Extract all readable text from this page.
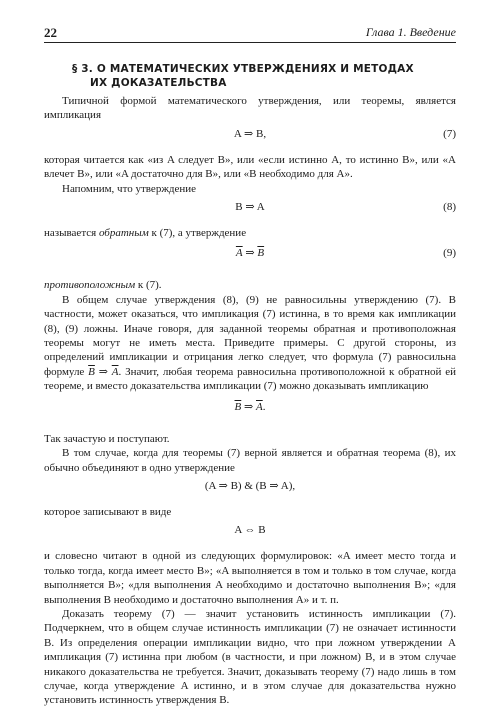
22	Глава 1. Введение
§ 3. О МАТЕМАТИЧЕСКИХ УТВЕРЖДЕНИЯХ И МЕТОДАХ
ИХ ДОКАЗАТЕЛЬСТВА

Типичной формой математического утверждения, или теоремы, является импликация

A ⇒ B,	(7)

которая читается как «из A следует B», или «если истинно A, то истинно B», или «A влечет B», или «A достаточно для B», или «B необходимо для A».

Напомним, что утверждение

B ⇒ A	(8)

называется обратным к (7), а утверждение

$\overline{A}$ ⇒ $\overline{B}$	(9)

противоположным к (7).

В общем случае утверждения (8), (9) не равносильны утверждению (7). В частности, может оказаться, что импликация (7) истинна, в то время как импликации (8), (9) ложны. Иначе говоря, для заданной теоремы обратная и противоположная теоремы могут не иметь места. Приведите примеры. С другой стороны, из определений импликации и отрицания легко следует, что формула (7) равносильна формуле $\overline{B}$ ⇒ $\overline{A}$. Значит, любая теорема равносильна противоположной к обратной ей теореме, и вместо доказательства импликации (7) можно доказывать импликацию

$\overline{B}$ ⇒ $\overline{A}$.

Так зачастую и поступают.

В том случае, когда для теоремы (7) верной является и обратная теорема (8), их обычно объединяют в одно утверждение

(A ⇒ B) & (B ⇒ A),

которое записывают в виде

A ⇔ B

и словесно читают в одной из следующих формулировок: «A имеет место тогда и только тогда, когда имеет место B»; «A выполняется в том и только в том случае, когда выполняется B»; «для выполнения A необходимо и достаточно выполнения B»; «для выполнения B необходимо и достаточно выполнения A» и т. п.

Доказать теорему (7) — значит установить истинность импликации (7). Подчеркнем, что в общем случае истинность импликации (7) не означает истинности B. Из определения операции импликации видно, что при ложном утверждении A импликация (7) истинна при любом (в частности, и при ложном) B, и в этом случае никакого доказательства не требуется. Значит, доказывать теорему (7) надо лишь в том случае, когда утверждение A истинно, и в этом случае для доказательства нужно установить истинность утверждения B.
